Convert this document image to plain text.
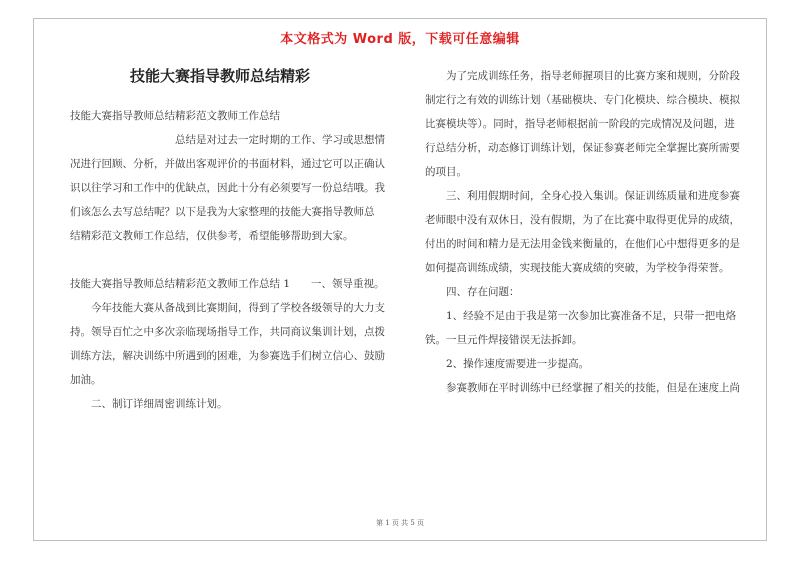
本文格式为 Word 版，下载可任意编辑

技能大赛指导教师总结精彩

技能大赛指导教师总结精彩范文教师工作总结

总结是对过去一定时期的工作、学习或思想情

况进行回顾、分析，并做出客观评价的书面材料，通过它可以正确认

识以往学习和工作中的优缺点，因此十分有必须要写一份总结哦。我

们该怎么去写总结呢？以下是我为大家整理的技能大赛指导教师总

结精彩范文教师工作总结，仅供参考，希望能够帮助到大家。

技能大赛指导教师总结精彩范文教师工作总结 1　　一、领导重视。

今年技能大赛从备战到比赛期间，得到了学校各级领导的大力支

持。领导百忙之中多次亲临现场指导工作，共同商议集训计划，点拨

训练方法，解决训练中所遇到的困难，为参赛选手们树立信心、鼓励

加油。

二、制订详细周密训练计划。

为了完成训练任务，指导老师握项目的比赛方案和规则，分阶段

制定行之有效的训练计划（基础模块、专门化模块、综合模块、模拟

比赛模块等）。同时，指导老师根据前一阶段的完成情况及问题，进

行总结分析，动态修订训练计划，保证参赛老师完全掌握比赛所需要

的项目。

三、利用假期时间，全身心投入集训。保证训练质量和进度参赛

老师眼中没有双休日，没有假期，为了在比赛中取得更优异的成绩，

付出的时间和精力是无法用金钱来衡量的，在他们心中想得更多的是

如何提高训练成绩，实现技能大赛成绩的突破，为学校争得荣誉。

四、存在问题：

1、经验不足由于我是第一次参加比赛准备不足，只带一把电烙

铁。一旦元件焊接错误无法拆卸。

2、操作速度需要进一步提高。

参赛教师在平时训练中已经掌握了相关的技能，但是在速度上尚

第 1 页 共 5 页
